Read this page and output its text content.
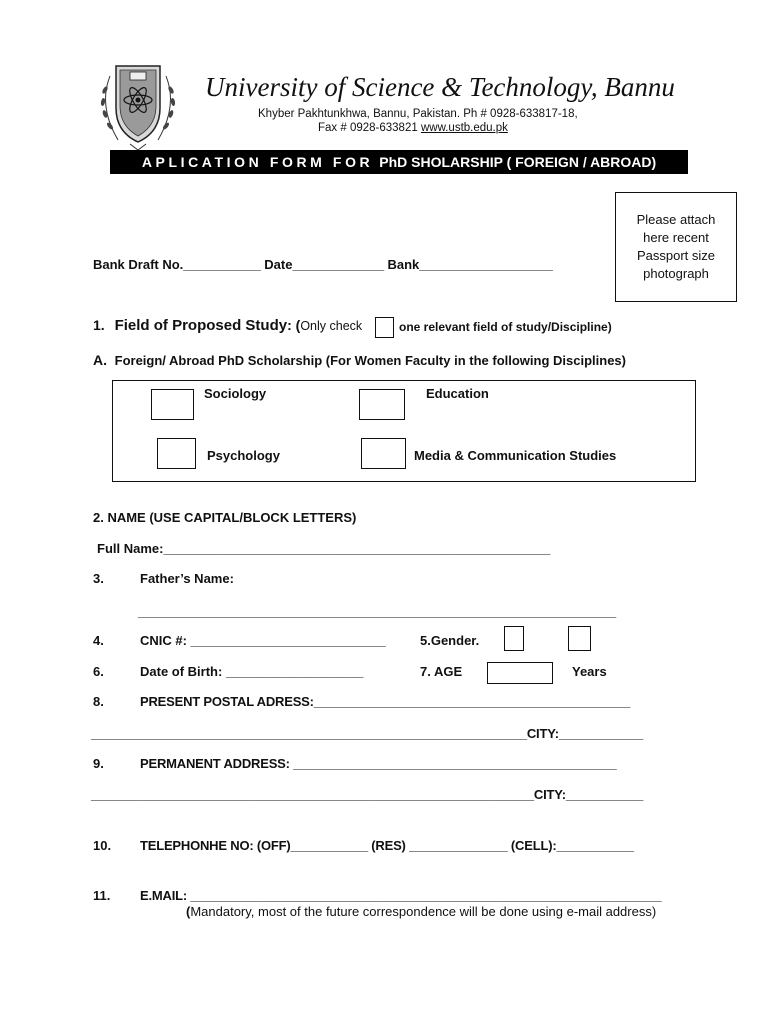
University of Science & Technology, Bannu
Khyber Pakhtunkhwa, Bannu, Pakistan. Ph # 0928-633817-18,
Fax # 0928-633821 www.ustb.edu.pk
APLICATION FORM FOR PhD SHOLARSHIP ( FOREIGN / ABROAD)
Please attach
here recent
Passport size
photograph
Bank Draft No.___________ Date_____________ Bank___________________
1. Field of Proposed Study: (Only check	one relevant field of study/Discipline)
A. Foreign/ Abroad PhD Scholarship (For Women Faculty in the following Disciplines)
Sociology	Education
Psychology	Media & Communication Studies
2. NAME (USE CAPITAL/BLOCK LETTERS)
Full Name:_______________________________________________________
3.	Father’s Name:
____________________________________________________________________
4.	CNIC #: ___________________________	5.Gender.
6.	Date of Birth: ___________________	7. AGE	Years
8.	PRESENT POSTAL ADRESS:_____________________________________________
______________________________________________________________CITY:____________
9.	PERMANENT ADDRESS: ______________________________________________
_______________________________________________________________CITY:___________
10. TELEPHONHE NO: (OFF)___________ (RES) ______________ (CELL):___________
11. E.MAIL: ___________________________________________________________________
(Mandatory, most of the future correspondence will be done using e-mail address)
